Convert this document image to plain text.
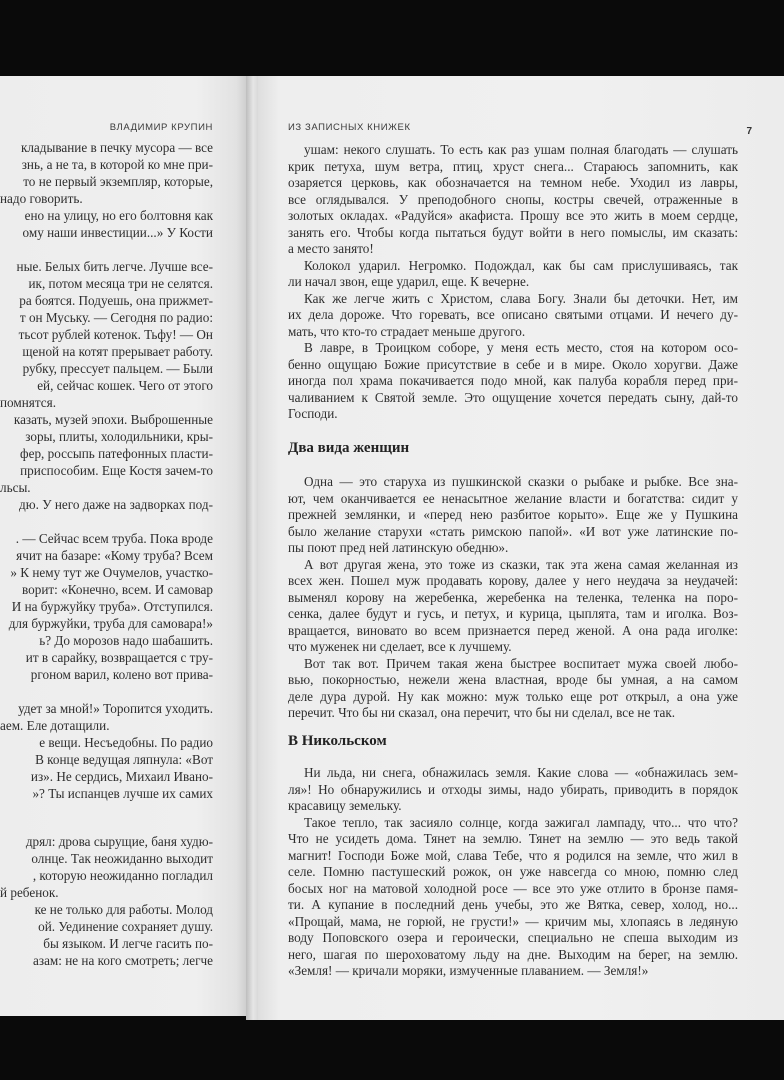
ВЛАДИМИР КРУПИН
кладывание в печку мусора — все
знь, а не та, в которой ко мне при-
то не первый экземпляр, которые,
надо говорить.
ено на улицу, но его болтовня как
ому наши инвестиции...» У Кости
ные. Белых бить легче. Лучше все-
ик, потом месяца три не селятся.
ра боятся. Подуешь, она прижмет-
т он Муську. — Сегодня по радио:
тьсот рублей котенок. Тьфу! — Он
щеной на котят прерывает работу.
рубку, прессует пальцем. — Были
ей, сейчас кошек. Чего от этого
помнятся.
казать, музей эпохи. Выброшенные
зоры, плиты, холодильники, кры-
фер, россыпь патефонных пласти-
приспособим. Еще Костя зачем-то
льсы.
дю. У него даже на задворках под-
. — Сейчас всем труба. Пока вроде
ячит на базаре: «Кому труба? Всем
» К нему тут же Очумелов, участко-
ворит: «Конечно, всем. И самовар
И на буржуйку труба». Отступился.
для буржуйки, труба для самовара!»
ь? До морозов надо шабашить.
ит в сарайку, возвращается с тру-
ргоном варил, колено вот прива-
удет за мной!» Торопится уходить.
аем. Еле дотащили.
е вещи. Несъедобны. По радио
В конце ведущая ляпнула: «Вот
из». Не сердись, Михаил Ивано-
»? Ты испанцев лучше их самих
дрял: дрова сырущие, баня худю-
олнце. Так неожиданно выходит
, которую неожиданно погладил
й ребенок.
ке не только для работы. Молод
ой. Уединение сохраняет душу.
бы языком. И легче гасить по-
азам: не на кого смотреть; легче
ИЗ ЗАПИСНЫХ КНИЖЕК	7
ушам: некого слушать. То есть как раз ушам полная благодать — слушать
крик петуха, шум ветра, птиц, хруст снега... Стараюсь запомнить, как
озаряется церковь, как обозначается на темном небе. Уходил из лавры,
все оглядывался. У преподобного снопы, костры свечей, отраженные в
золотых окладах. «Радуйся» акафиста. Прошу все это жить в моем сердце,
занять его. Чтобы когда пытаться будут войти в него помыслы, им сказать:
а место занято!
Колокол ударил. Негромко. Подождал, как бы сам прислушиваясь, так
ли начал звон, еще ударил, еще. К вечерне.
Как же легче жить с Христом, слава Богу. Знали бы деточки. Нет, им
их дела дороже. Что горевать, все описано святыми отцами. И нечего ду-
мать, что кто-то страдает меньше другого.
В лавре, в Троицком соборе, у меня есть место, стоя на котором осо-
бенно ощущаю Божие присутствие в себе и в мире. Около хоругви. Даже
иногда пол храма покачивается подо мной, как палуба корабля перед при-
чаливанием к Святой земле. Это ощущение хочется передать сыну, дай-то
Господи.
Два вида женщин
Одна — это старуха из пушкинской сказки о рыбаке и рыбке. Все зна-
ют, чем оканчивается ее ненасытное желание власти и богатства: сидит у
прежней землянки, и «перед нею разбитое корыто». Еще же у Пушкина
было желание старухи «стать римскою папой». «И вот уже латинские по-
пы поют пред ней латинскую обедню».
А вот другая жена, это тоже из сказки, так эта жена самая желанная из
всех жен. Пошел муж продавать корову, далее у него неудача за неудачей:
выменял корову на жеребенка, жеребенка на теленка, теленка на поро-
сенка, далее будут и гусь, и петух, и курица, цыплята, там и иголка. Воз-
вращается, виновато во всем признается перед женой. А она рада иголке:
что муженек ни сделает, все к лучшему.
Вот так вот. Причем такая жена быстрее воспитает мужа своей любо-
вью, покорностью, нежели жена властная, вроде бы умная, а на самом
деле дура дурой. Ну как можно: муж только еще рот открыл, а она уже
перечит. Что бы ни сказал, она перечит, что бы ни сделал, все не так.
В Никольском
Ни льда, ни снега, обнажилась земля. Какие слова — «обнажилась зем-
ля»! Но обнаружились и отходы зимы, надо убирать, приводить в порядок
красавицу земельку.
Такое тепло, так засияло солнце, когда зажигал лампаду, что... что что?
Что не усидеть дома. Тянет на землю. Тянет на землю — это ведь такой
магнит! Господи Боже мой, слава Тебе, что я родился на земле, что жил в
селе. Помню пастушеский рожок, он уже навсегда со мною, помню след
босых ног на матовой холодной росе — все это уже отлито в бронзе памя-
ти. А купание в последний день учебы, это же Вятка, север, холод, но...
«Прощай, мама, не горюй, не грусти!» — кричим мы, хлопаясь в ледяную
воду Поповского озера и героически, специально не спеша выходим из
него, шагая по шероховатому льду на дне. Выходим на берег, на землю.
«Земля! — кричали моряки, измученные плаванием. — Земля!»
